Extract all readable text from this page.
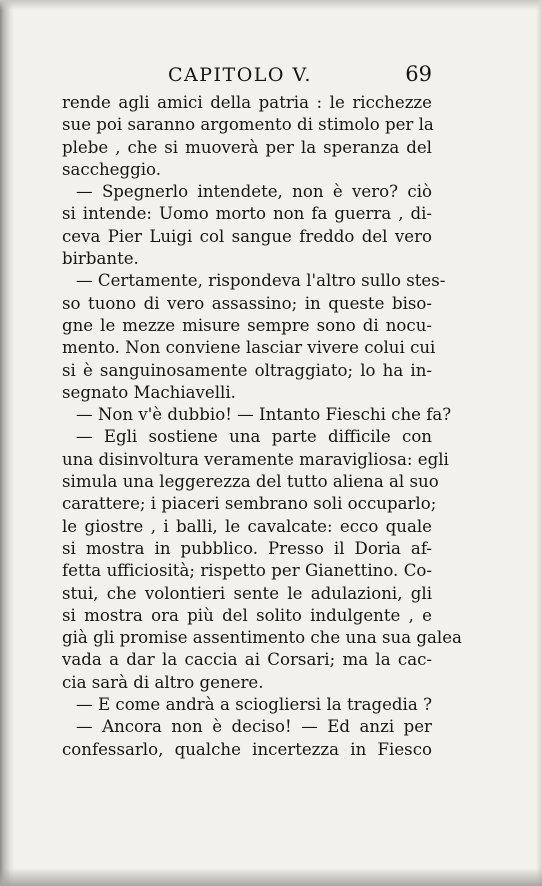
CAPITOLO V.	69
rende agli amici della patria : le ricchezze
sue poi saranno argomento di stimolo per la
plebe , che si muoverà per la speranza del
saccheggio.
— Spegnerlo intendete, non è vero? ciò
si intende: Uomo morto non fa guerra , di-
ceva Pier Luigi col sangue freddo del vero
birbante.
— Certamente, rispondeva l'altro sullo stes-
so tuono di vero assassino; in queste biso-
gne le mezze misure sempre sono di nocu-
mento. Non conviene lasciar vivere colui cui
si è sanguinosamente oltraggiato; lo ha in-
segnato Machiavelli.
— Non v'è dubbio! — Intanto Fieschi che fa?
— Egli sostiene una parte difficile con
una disinvoltura veramente maravigliosa: egli
simula una leggerezza del tutto aliena al suo
carattere; i piaceri sembrano soli occuparlo;
le giostre , i balli, le cavalcate: ecco quale
si mostra in pubblico. Presso il Doria af-
fetta ufficiosità; rispetto per Gianettino. Co-
stui, che volontieri sente le adulazioni, gli
si mostra ora più del solito indulgente , e
già gli promise assentimento che una sua galea
vada a dar la caccia ai Corsari; ma la cac-
cia sarà di altro genere.
— E come andrà a sciogliersi la tragedia ?
— Ancora non è deciso! — Ed anzi per
confessarlo, qualche incertezza in Fiesco
